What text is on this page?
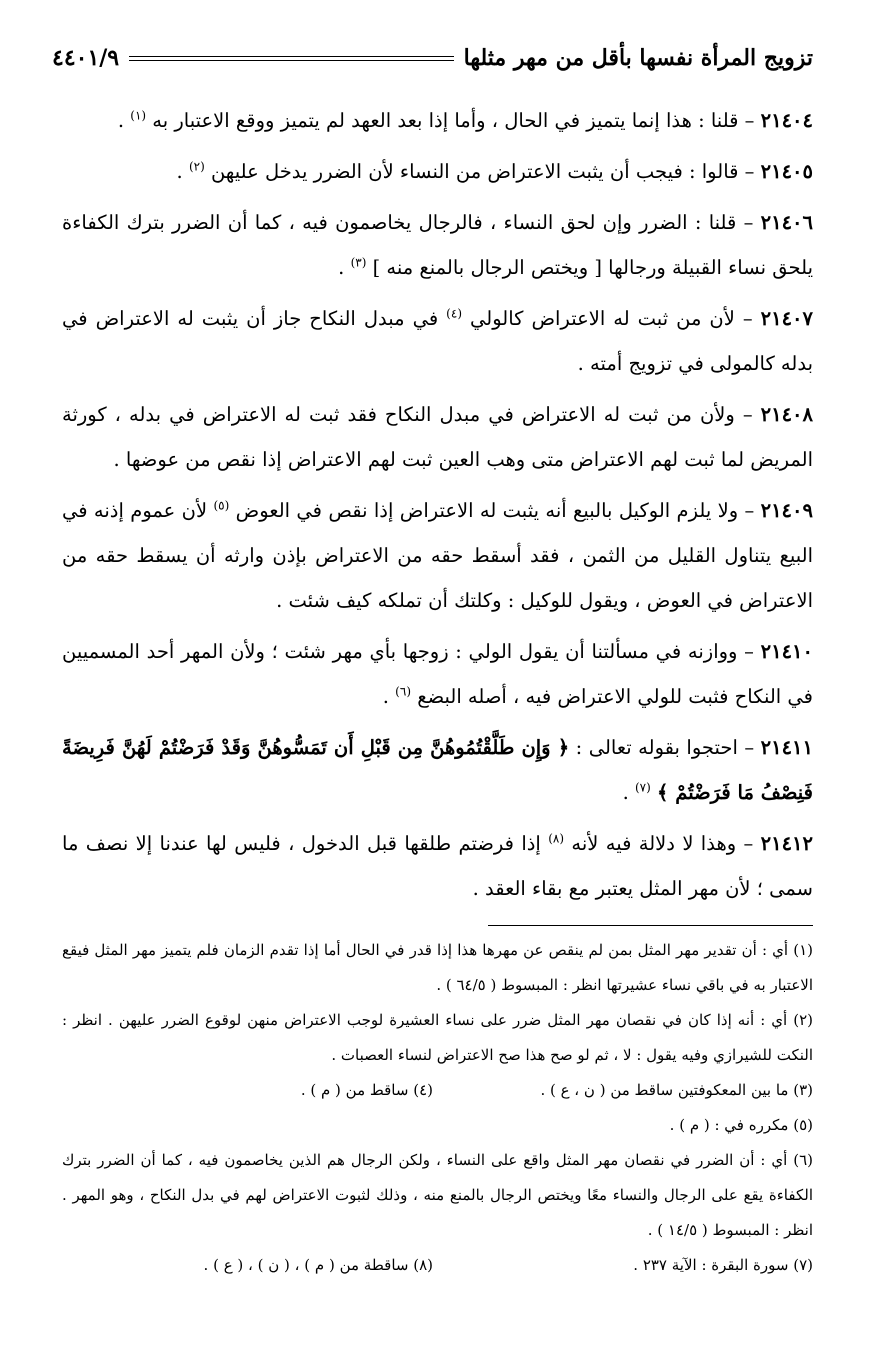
تزويج المرأة نفسها بأقل من مهر مثلها
٤٤٠١/٩

٢١٤٠٤ – قلنا : هذا إنما يتميز في الحال ، وأما إذا بعد العهد لم يتميز ووقع الاعتبار به $^{(١)}$ .

٢١٤٠٥ – قالوا : فيجب أن يثبت الاعتراض من النساء لأن الضرر يدخل عليهن $^{(٢)}$ .

٢١٤٠٦ – قلنا : الضرر وإن لحق النساء ، فالرجال يخاصمون فيه ، كما أن الضرر بترك الكفاءة يلحق نساء القبيلة ورجالها [ ويختص الرجال بالمنع منه ] $^{(٣)}$ .

٢١٤٠٧ – لأن من ثبت له الاعتراض كالولي $^{(٤)}$ في مبدل النكاح جاز أن يثبت له الاعتراض في بدله كالمولى في تزويج أمته .

٢١٤٠٨ – ولأن من ثبت له الاعتراض في مبدل النكاح فقد ثبت له الاعتراض في بدله ، كورثة المريض لما ثبت لهم الاعتراض متى وهب العين ثبت لهم الاعتراض إذا نقص من عوضها .

٢١٤٠٩ – ولا يلزم الوكيل بالبيع أنه يثبت له الاعتراض إذا نقص في العوض $^{(٥)}$ لأن عموم إذنه في البيع يتناول القليل من الثمن ، فقد أسقط حقه من الاعتراض بإذن وارثه أن يسقط حقه من الاعتراض في العوض ، ويقول للوكيل : وكلتك أن تملكه كيف شئت .

٢١٤١٠ – ووازنه في مسألتنا أن يقول الولي : زوجها بأي مهر شئت ؛ ولأن المهر أحد المسميين في النكاح فثبت للولي الاعتراض فيه ، أصله البضع $^{(٦)}$ .

٢١٤١١ – احتجوا بقوله تعالى : ﴿ وَإِن طَلَّقْتُمُوهُنَّ مِن قَبْلِ أَن تَمَسُّوهُنَّ وَقَدْ فَرَضْتُمْ لَهُنَّ فَرِيضَةً فَنِصْفُ مَا فَرَضْتُمْ ﴾ $^{(٧)}$ .

٢١٤١٢ – وهذا لا دلالة فيه لأنه $^{(٨)}$ إذا فرضتم طلقها قبل الدخول ، فليس لها عندنا إلا نصف ما سمى ؛ لأن مهر المثل يعتبر مع بقاء العقد .

(١) أي : أن تقدير مهر المثل بمن لم ينقص عن مهرها هذا إذا قدر في الحال أما إذا تقدم الزمان فلم يتميز مهر المثل فيقع الاعتبار به في باقي نساء عشيرتها انظر : المبسوط ( ٦٤/٥ ) .

(٢) أي : أنه إذا كان في نقصان مهر المثل ضرر على نساء العشيرة لوجب الاعتراض منهن لوقوع الضرر عليهن . انظر : النكت للشيرازي وفيه يقول : لا ، ثم لو صح هذا صح الاعتراض لنساء العصبات .

(٣) ما بين المعكوفتين ساقط من ( ن ، ع ) .
(٤) ساقط من ( م ) .

(٥) مكرره في : ( م ) .

(٦) أي : أن الضرر في نقصان مهر المثل واقع على النساء ، ولكن الرجال هم الذين يخاصمون فيه ، كما أن الضرر بترك الكفاءة يقع على الرجال والنساء معًا ويختص الرجال بالمنع منه ، وذلك لثبوت الاعتراض لهم في بدل النكاح ، وهو المهر . انظر : المبسوط ( ١٤/٥ ) .

(٧) سورة البقرة : الآية ٢٣٧ .
(٨) ساقطة من ( م ) ، ( ن ) ، ( ع ) .
